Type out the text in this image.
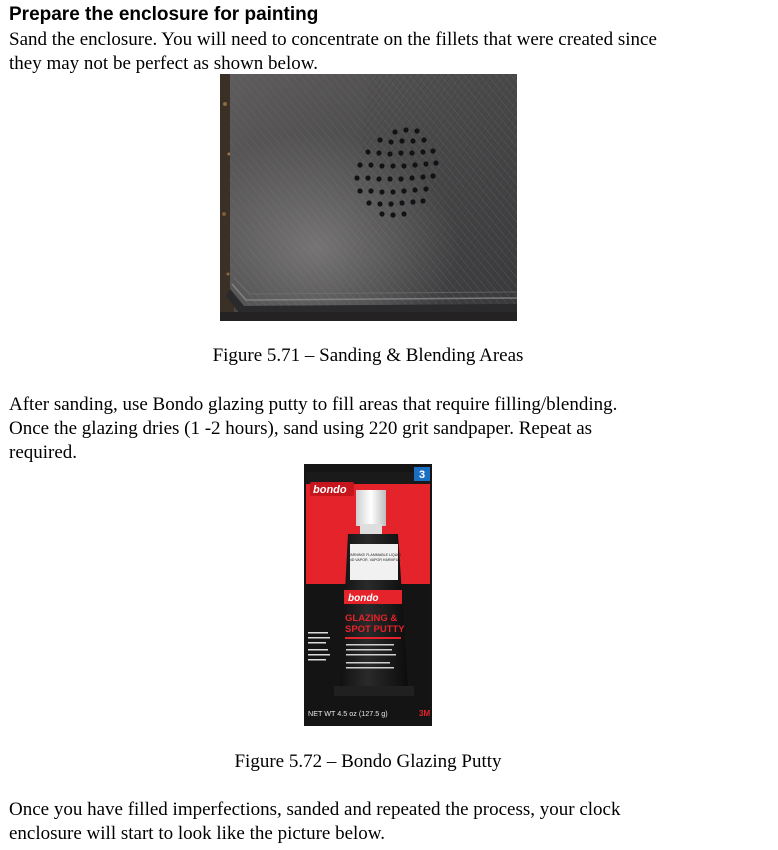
Prepare the enclosure for painting

Sand the enclosure. You will need to concentrate on the fillets that were created since

they may not be perfect as shown below.

Figure 5.71 – Sanding & Blending Areas

After sanding, use Bondo glazing putty to fill areas that require filling/blending.

Once the glazing dries (1 -2 hours), sand using 220 grit sandpaper. Repeat as

required.

3
bondo
WARNING! FLAMMABLE LIQUID
AND VAPOR. VAPOR HARMFUL.
bondo
GLAZING &
SPOT PUTTY
NET WT 4.5 oz (127.5 g)	3M
Figure 5.72 – Bondo Glazing Putty

Once you have filled imperfections, sanded and repeated the process, your clock

enclosure will start to look like the picture below.
